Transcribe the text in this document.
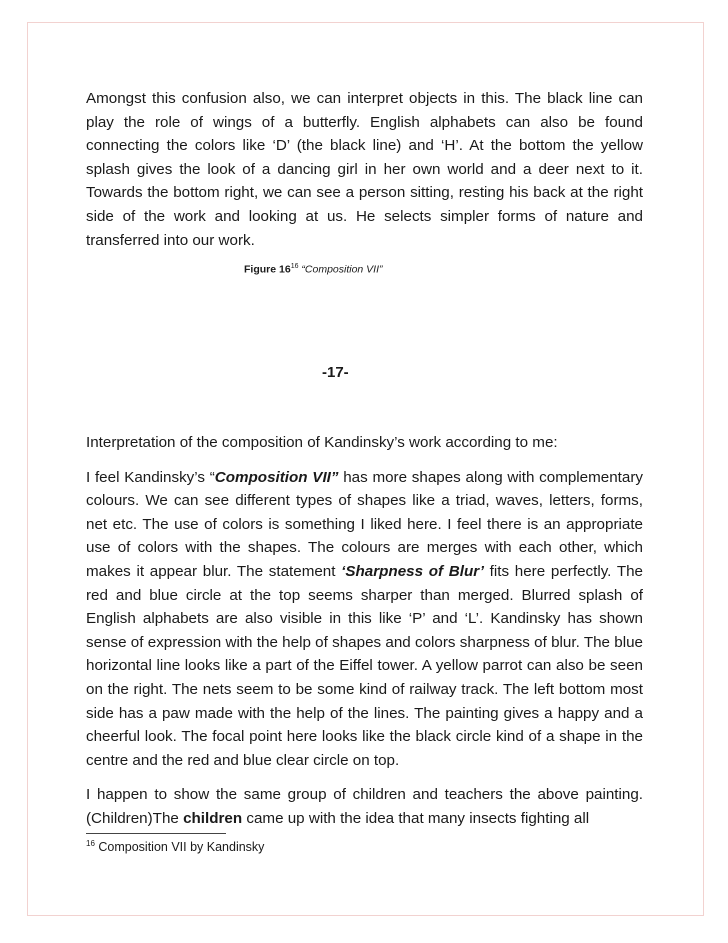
Amongst this confusion also, we can interpret objects in this. The black line can play the role of wings of a butterfly. English alphabets can also be found connecting the colors like ‘D’ (the black line) and ‘H’. At the bottom the yellow splash gives the look of a dancing girl in her own world and a deer next to it. Towards the bottom right, we can see a person sitting, resting his back at the right side of the work and looking at us. He selects simpler forms of nature and transferred into our work.

Figure $16^{16}$ “Composition VII”
-17-

Interpretation of the composition of Kandinsky’s work according to me:

I feel Kandinsky’s “Composition VII” has more shapes along with complementary colours. We can see different types of shapes like a triad, waves, letters, forms, net etc. The use of colors is something I liked here. I feel there is an appropriate use of colors with the shapes. The colours are merges with each other, which makes it appear blur. The statement ‘Sharpness of Blur’ fits here perfectly. The red and blue circle at the top seems sharper than merged. Blurred splash of English alphabets are also visible in this like ‘P’ and ‘L’. Kandinsky has shown sense of expression with the help of shapes and colors sharpness of blur. The blue horizontal line looks like a part of the Eiffel tower. A yellow parrot can also be seen on the right. The nets seem to be some kind of railway track. The left bottom most side has a paw made with the help of the lines. The painting gives a happy and a cheerful look. The focal point here looks like the black circle kind of a shape in the centre and the red and blue clear circle on top.

I happen to show the same group of children and teachers the above painting. (Children)The children came up with the idea that many insects fighting all

$^{16}$ Composition VII by Kandinsky
